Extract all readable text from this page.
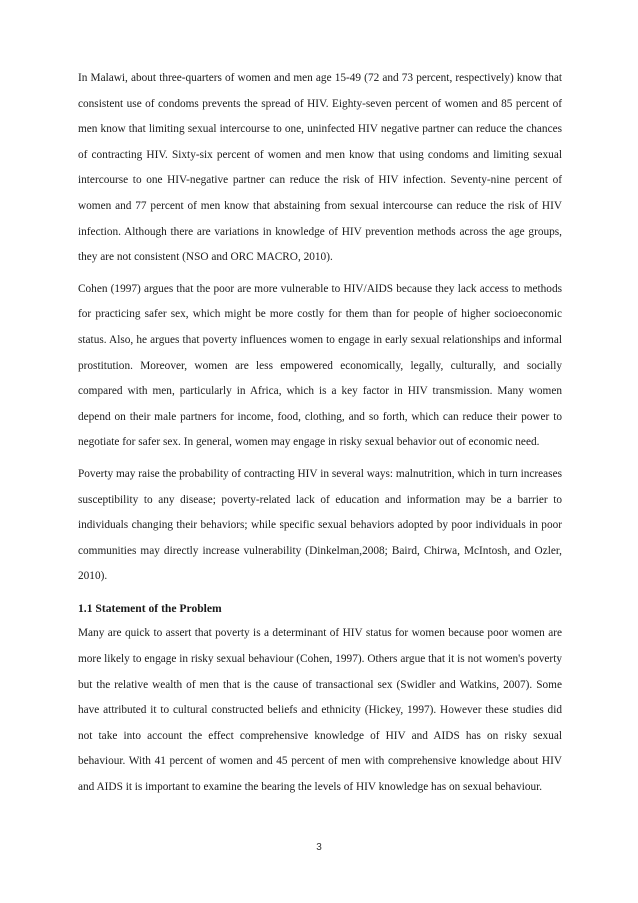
In Malawi, about three-quarters of women and men age 15-49 (72 and 73 percent, respectively) know that consistent use of condoms prevents the spread of HIV. Eighty-seven percent of women and 85 percent of men know that limiting sexual intercourse to one, uninfected HIV negative partner can reduce the chances of contracting HIV. Sixty-six percent of women and men know that using condoms and limiting sexual intercourse to one HIV-negative partner can reduce the risk of HIV infection. Seventy-nine percent of women and 77 percent of men know that abstaining from sexual intercourse can reduce the risk of HIV infection. Although there are variations in knowledge of HIV prevention methods across the age groups, they are not consistent (NSO and ORC MACRO, 2010).

Cohen (1997) argues that the poor are more vulnerable to HIV/AIDS because they lack access to methods for practicing safer sex, which might be more costly for them than for people of higher socioeconomic status. Also, he argues that poverty influences women to engage in early sexual relationships and informal prostitution. Moreover, women are less empowered economically, legally, culturally, and socially compared with men, particularly in Africa, which is a key factor in HIV transmission. Many women depend on their male partners for income, food, clothing, and so forth, which can reduce their power to negotiate for safer sex. In general, women may engage in risky sexual behavior out of economic need.

Poverty may raise the probability of contracting HIV in several ways: malnutrition, which in turn increases susceptibility to any disease; poverty-related lack of education and information may be a barrier to individuals changing their behaviors; while specific sexual behaviors adopted by poor individuals in poor communities may directly increase vulnerability (Dinkelman,2008; Baird, Chirwa, McIntosh, and Ozler, 2010).

1.1 Statement of the Problem

Many are quick to assert that poverty is a determinant of HIV status for women because poor women are more likely to engage in risky sexual behaviour (Cohen, 1997). Others argue that it is not women's poverty but the relative wealth of men that is the cause of transactional sex (Swidler and Watkins, 2007). Some have attributed it to cultural constructed beliefs and ethnicity (Hickey, 1997). However these studies did not take into account the effect comprehensive knowledge of HIV and AIDS has on risky sexual behaviour. With 41 percent of women and 45 percent of men with comprehensive knowledge about HIV and AIDS it is important to examine the bearing the levels of HIV knowledge has on sexual behaviour.

3
